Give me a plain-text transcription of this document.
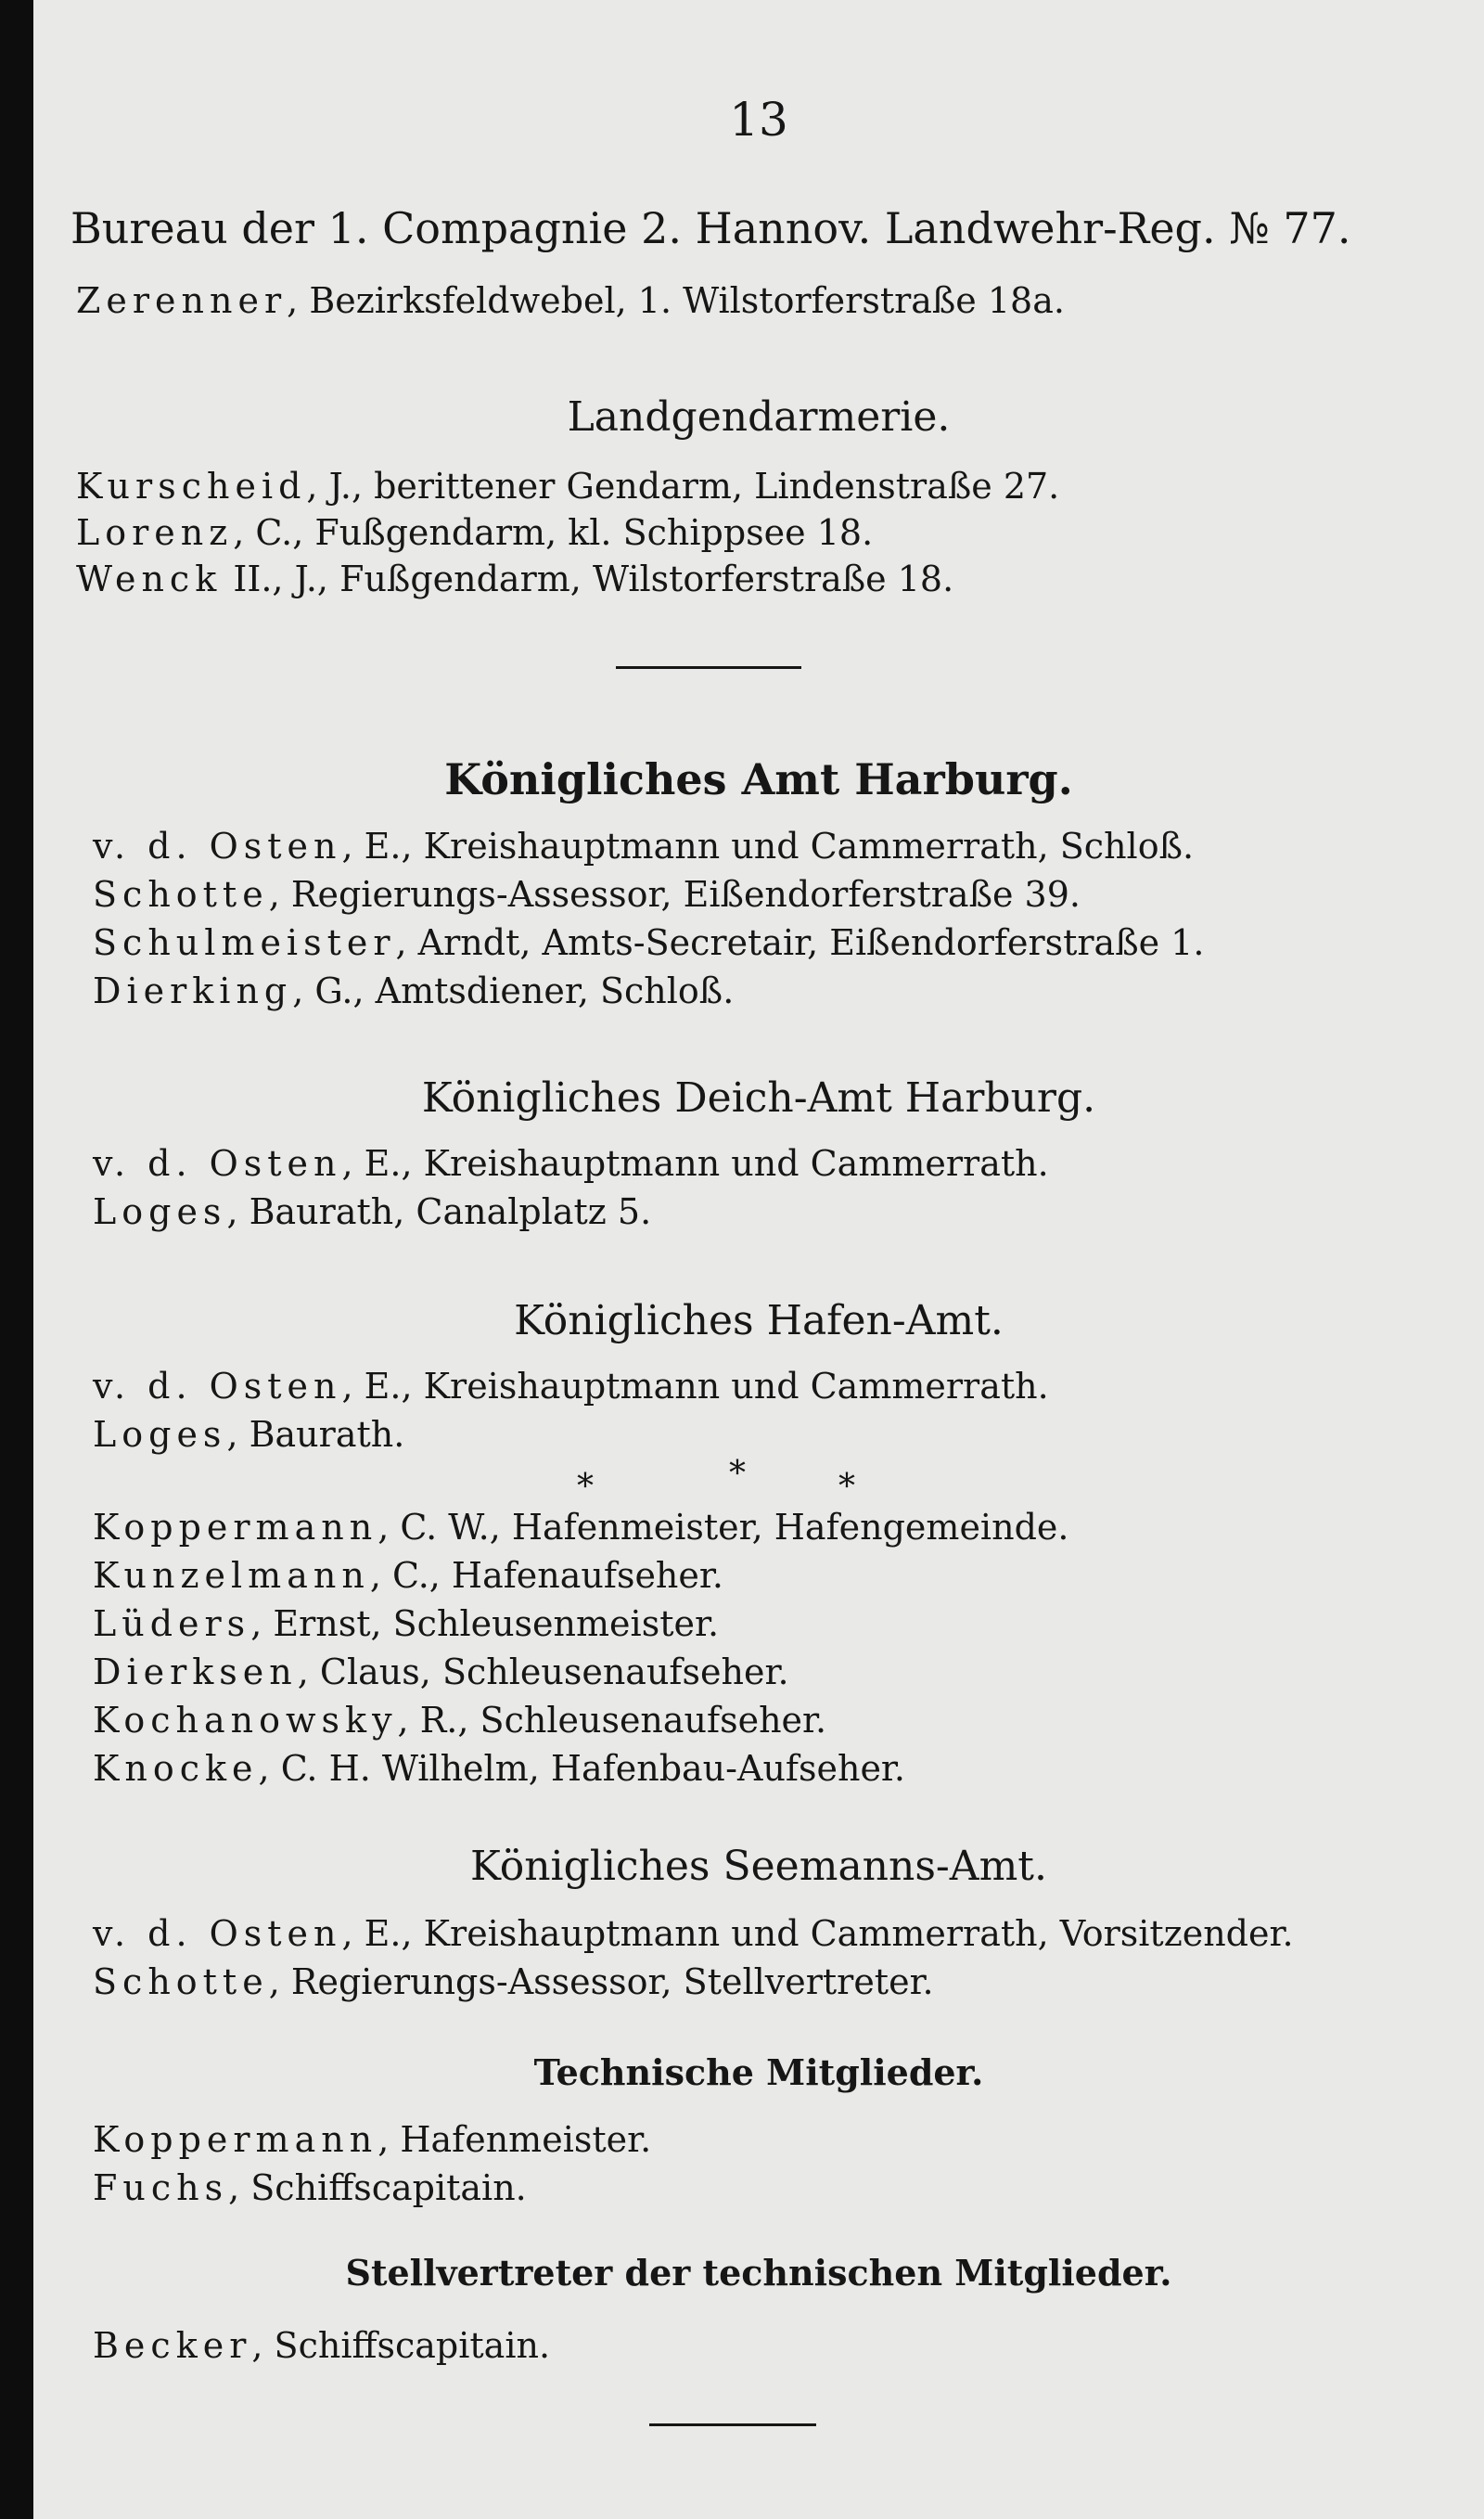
13
Bureau der 1. Compagnie 2. Hannov. Landwehr-Reg. № 77.
Zerenner, Bezirksfeldwebel, 1. Wilstorferstraße 18a.
Landgendarmerie.
Kurscheid, J., berittener Gendarm, Lindenstraße 27.
Lorenz, C., Fußgendarm, kl. Schippsee 18.
Wenck II., J., Fußgendarm, Wilstorferstraße 18.
Königliches Amt Harburg.
v. d. Osten, E., Kreishauptmann und Cammerrath, Schloß.
Schotte, Regierungs-Assessor, Eißendorferstraße 39.
Schulmeister, Arndt, Amts-Secretair, Eißendorferstraße 1.
Dierking, G., Amtsdiener, Schloß.
Königliches Deich-Amt Harburg.
v. d. Osten, E., Kreishauptmann und Cammerrath.
Loges, Baurath, Canalplatz 5.
Königliches Hafen-Amt.
v. d. Osten, E., Kreishauptmann und Cammerrath.
Loges, Baurath.
*	*	*
Koppermann, C. W., Hafenmeister, Hafengemeinde.
Kunzelmann, C., Hafenaufseher.
Lüders, Ernst, Schleusenmeister.
Dierksen, Claus, Schleusenaufseher.
Kochanowsky, R., Schleusenaufseher.
Knocke, C. H. Wilhelm, Hafenbau-Aufseher.
Königliches Seemanns-Amt.
v. d. Osten, E., Kreishauptmann und Cammerrath, Vorsitzender.
Schotte, Regierungs-Assessor, Stellvertreter.
Technische Mitglieder.
Koppermann, Hafenmeister.
Fuchs, Schiffscapitain.
Stellvertreter der technischen Mitglieder.
Becker, Schiffscapitain.
